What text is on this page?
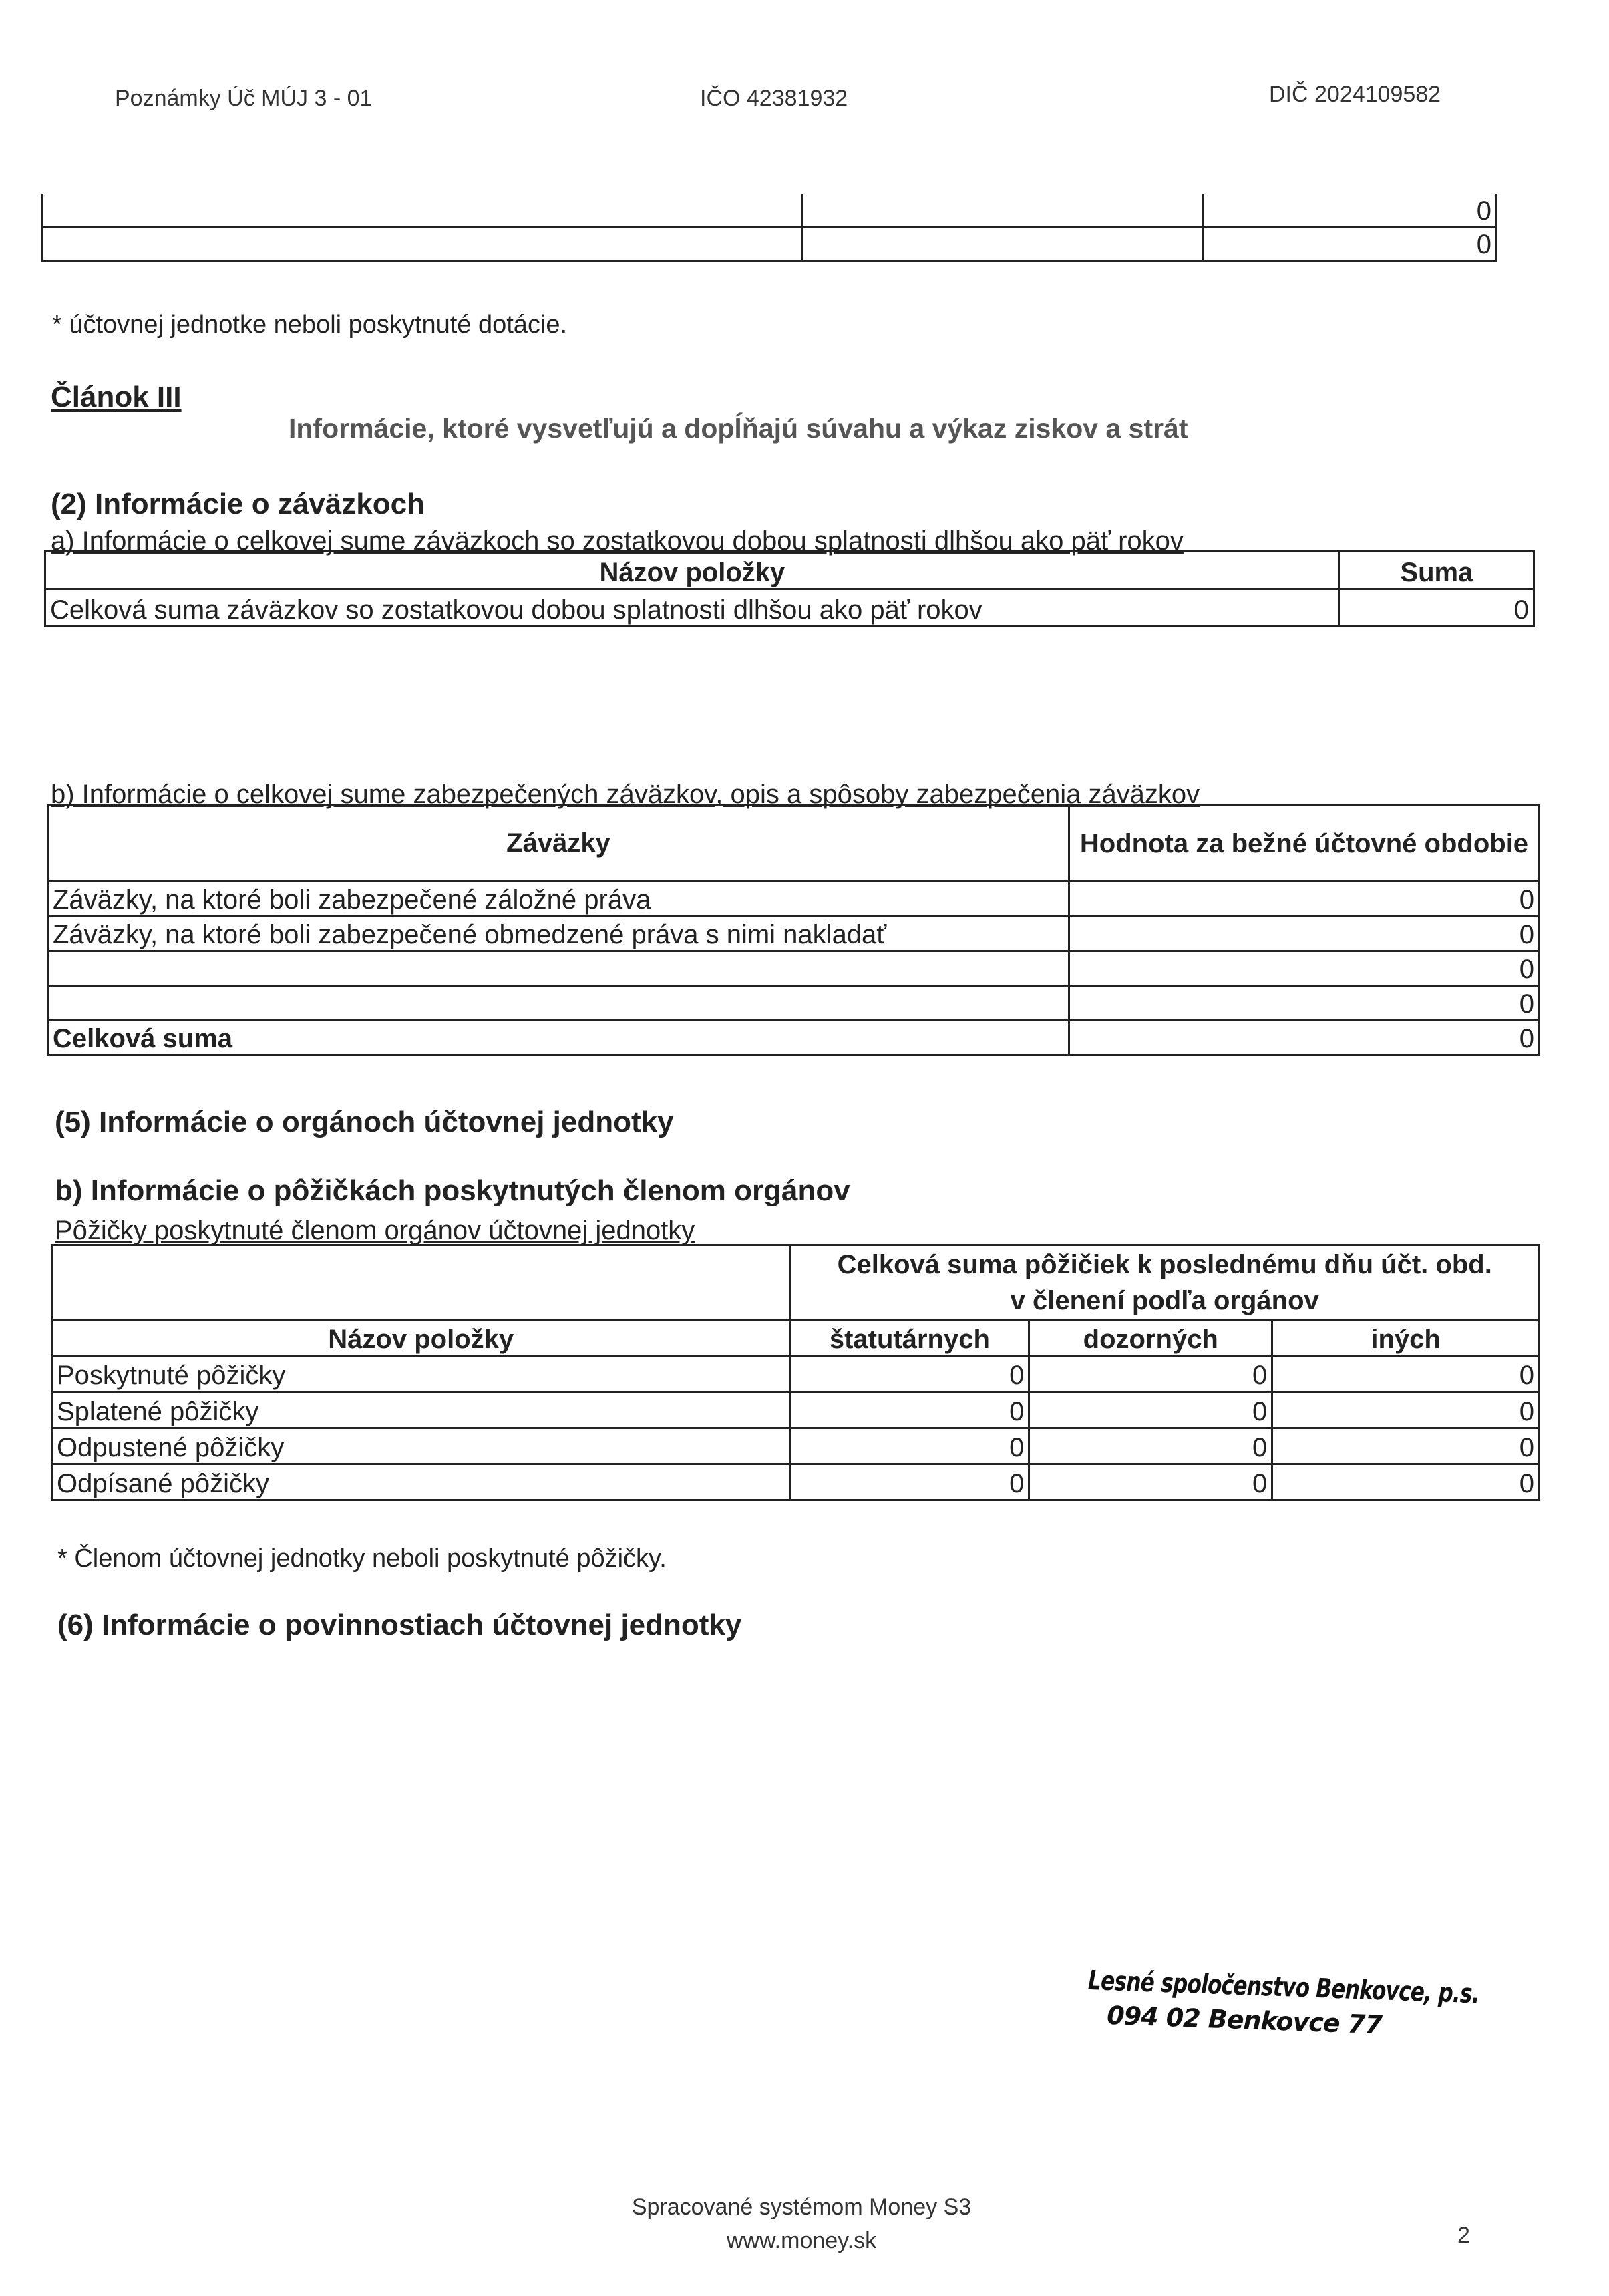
Poznámky Úč MÚJ 3 - 01	IČO 42381932	DIČ 2024109582
		0
		0
* účtovnej jednotke neboli poskytnuté dotácie.
Článok III
Informácie, ktoré vysvetľujú a dopĺňajú súvahu a výkaz ziskov a strát
(2) Informácie o záväzkoch
a) Informácie o celkovej sume záväzkoch so zostatkovou dobou splatnosti dlhšou ako päť rokov
Názov položky	Suma
Celková suma záväzkov so zostatkovou dobou splatnosti dlhšou ako päť rokov	0
b) Informácie o celkovej sume zabezpečených záväzkov, opis a spôsoby zabezpečenia záväzkov
Záväzky	Hodnota za bežné účtovné obdobie
Záväzky, na ktoré boli zabezpečené záložné práva	0
Záväzky, na ktoré boli zabezpečené obmedzené práva s nimi nakladať	0
	0
	0
Celková suma	0
(5) Informácie o orgánoch účtovnej jednotky
b) Informácie o pôžičkách poskytnutých členom orgánov
Pôžičky poskytnuté členom orgánov účtovnej jednotky
	Celková suma pôžičiek k poslednému dňu účt. obd.		
	v členení podľa orgánov		
Názov položky	štatutárnych	dozorných	iných
Poskytnuté pôžičky	0	0	0
Splatené pôžičky	0	0	0
Odpustené pôžičky	0	0	0
Odpísané pôžičky	0	0	0
* Členom účtovnej jednotky neboli poskytnuté pôžičky.
(6) Informácie o povinnostiach účtovnej jednotky
Lesné spoločenstvo Benkovce, p.s.
094 02 Benkovce 77
Spracované systémom Money S3
www.money.sk	2
